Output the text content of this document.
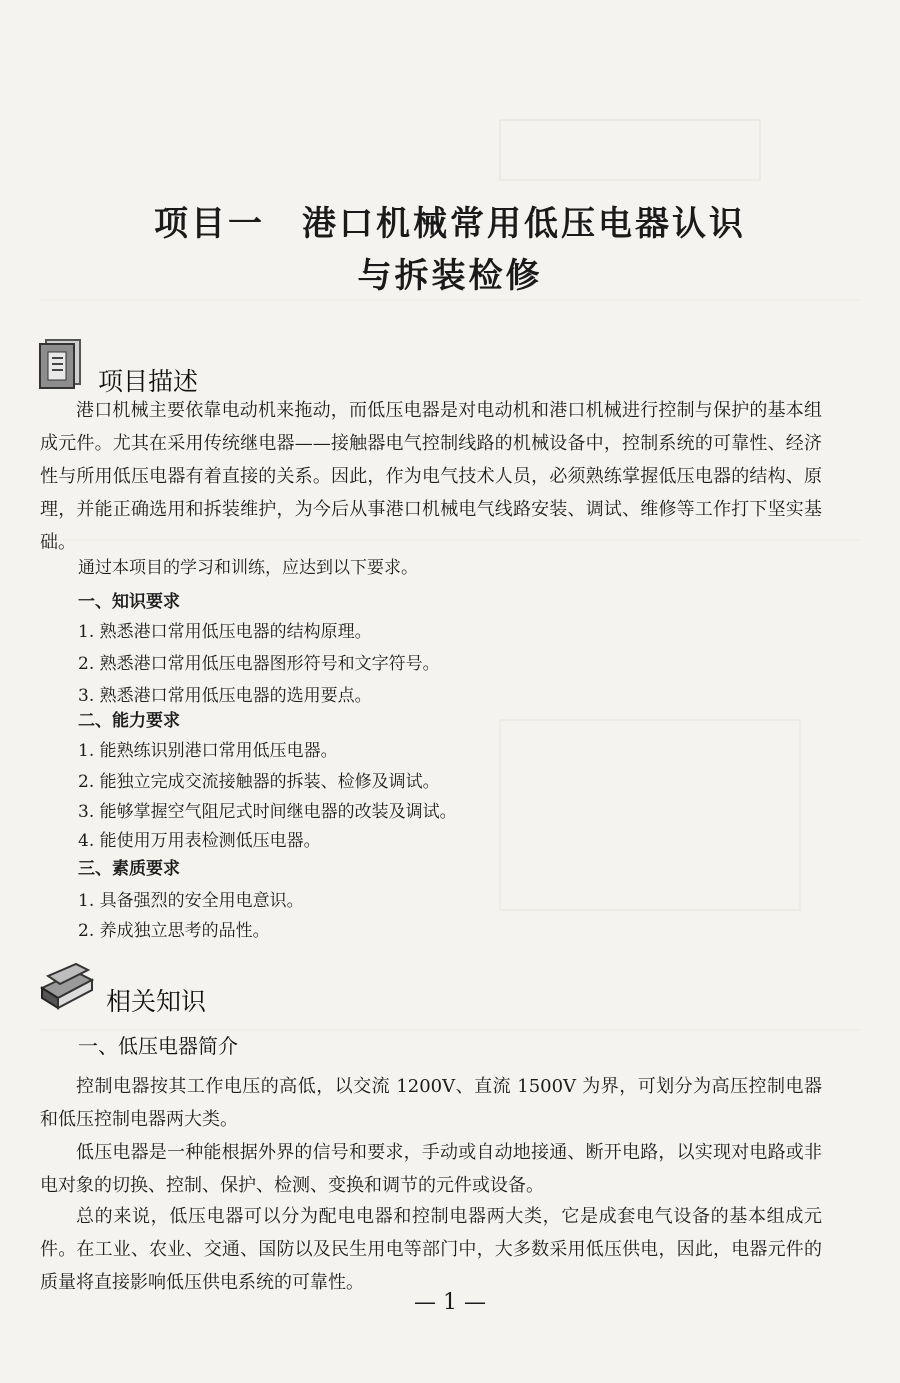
项目一　港口机械常用低压电器认识
与拆装检修
项目描述

港口机械主要依靠电动机来拖动，而低压电器是对电动机和港口机械进行控制与保护的基本组成元件。尤其在采用传统继电器——接触器电气控制线路的机械设备中，控制系统的可靠性、经济性与所用低压电器有着直接的关系。因此，作为电气技术人员，必须熟练掌握低压电器的结构、原理，并能正确选用和拆装维护，为今后从事港口机械电气线路安装、调试、维修等工作打下坚实基础。

通过本项目的学习和训练，应达到以下要求。
一、知识要求
1. 熟悉港口常用低压电器的结构原理。
2. 熟悉港口常用低压电器图形符号和文字符号。
3. 熟悉港口常用低压电器的选用要点。
二、能力要求
1. 能熟练识别港口常用低压电器。
2. 能独立完成交流接触器的拆装、检修及调试。
3. 能够掌握空气阻尼式时间继电器的改装及调试。
4. 能使用万用表检测低压电器。
三、素质要求
1. 具备强烈的安全用电意识。
2. 养成独立思考的品性。
相关知识
一、低压电器简介

控制电器按其工作电压的高低，以交流 1200V、直流 1500V 为界，可划分为高压控制电器和低压控制电器两大类。

低压电器是一种能根据外界的信号和要求，手动或自动地接通、断开电路，以实现对电路或非电对象的切换、控制、保护、检测、变换和调节的元件或设备。

总的来说，低压电器可以分为配电电器和控制电器两大类，它是成套电气设备的基本组成元件。在工业、农业、交通、国防以及民生用电等部门中，大多数采用低压供电，因此，电器元件的质量将直接影响低压供电系统的可靠性。

— 1 —
